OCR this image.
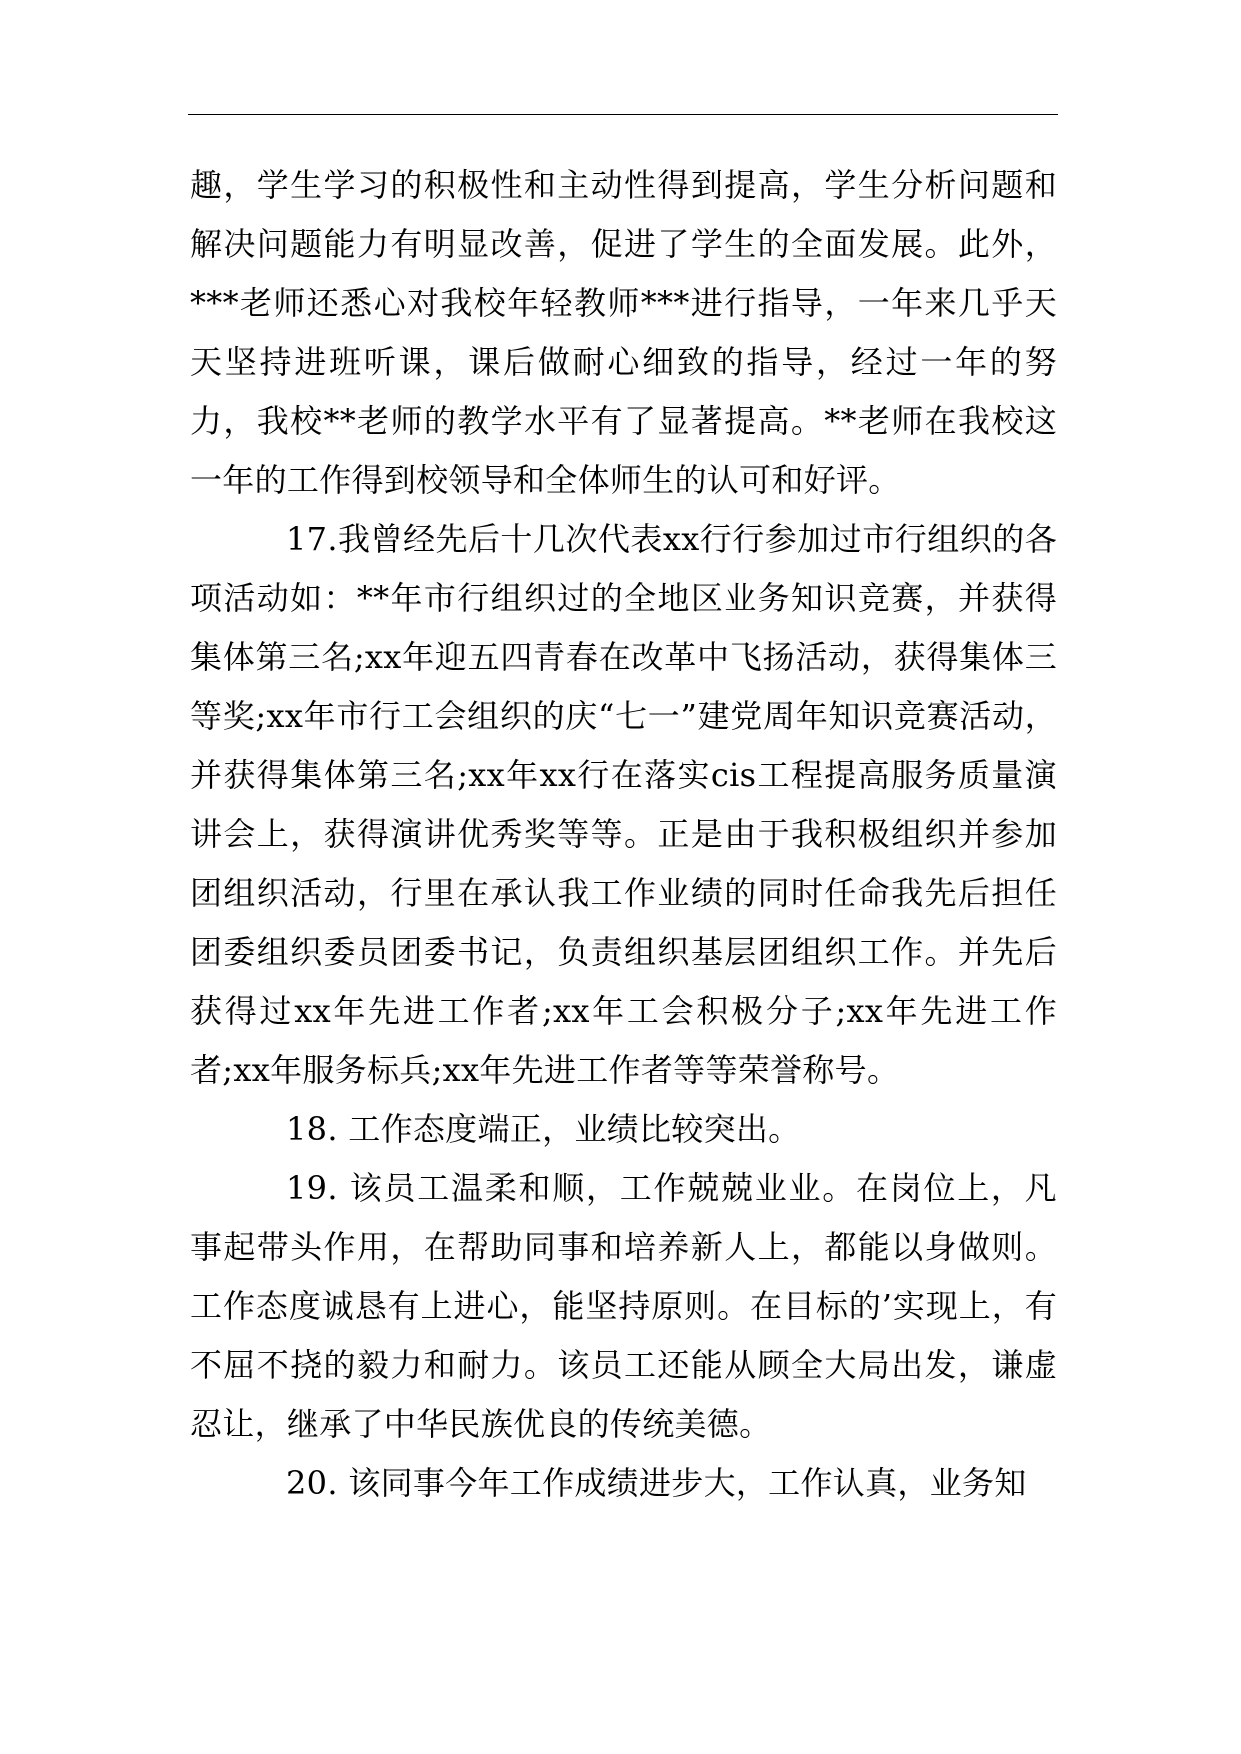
趣，学生学习的积极性和主动性得到提高，学生分析问题和解决问题能力有明显改善，促进了学生的全面发展。此外，***老师还悉心对我校年轻教师***进行指导，一年来几乎天天坚持进班听课，课后做耐心细致的指导，经过一年的努力，我校**老师的教学水平有了显著提高。**老师在我校这一年的工作得到校领导和全体师生的认可和好评。

17.我曾经先后十几次代表xx行行参加过市行组织的各项活动如：**年市行组织过的全地区业务知识竞赛，并获得集体第三名;xx年迎五四青春在改革中飞扬活动，获得集体三等奖;xx年市行工会组织的庆“七一”建党周年知识竞赛活动，并获得集体第三名;xx年xx行在落实cis工程提高服务质量演讲会上，获得演讲优秀奖等等。正是由于我积极组织并参加团组织活动，行里在承认我工作业绩的同时任命我先后担任团委组织委员团委书记，负责组织基层团组织工作。并先后获得过xx年先进工作者;xx年工会积极分子;xx年先进工作者;xx年服务标兵;xx年先进工作者等等荣誉称号。

18. 工作态度端正，业绩比较突出。

19. 该员工温柔和顺，工作兢兢业业。在岗位上，凡事起带头作用，在帮助同事和培养新人上，都能以身做则。工作态度诚恳有上进心，能坚持原则。在目标的’实现上，有不屈不挠的毅力和耐力。该员工还能从顾全大局出发，谦虚忍让，继承了中华民族优良的传统美德。

20. 该同事今年工作成绩进步大，工作认真，业务知
